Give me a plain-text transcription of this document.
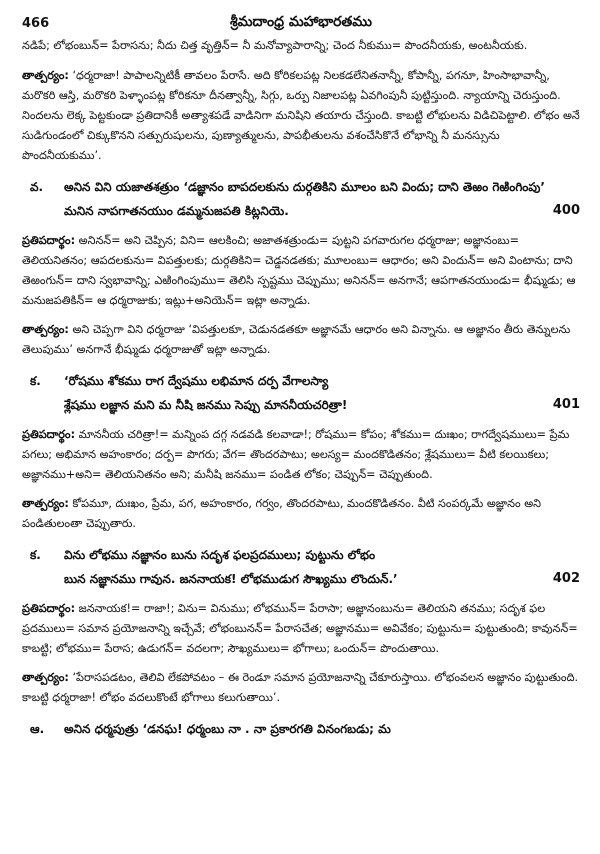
466	శ్రీమదాంధ్ర మహాభారతము

నడిపే; లోభంబున్‌= పేరాసను; నీదు చిత్త వృత్తిన్‌= నీ మనోవ్యాపారాన్ని; చెంద నీకుము= పొందనీయకు, అంటనీయకు.

తాత్పర్యం: ‘ధర్మరాజా! పాపాలన్నిటికీ తావలం పేరాసే. అది కోరికలపట్ల నిలకడలేనితనాన్నీ, కోపాన్నీ, పగనూ, హింసాభావాన్నీ, మరొకరి ఆస్తి, మరొకరి పెళ్ళాంపట్ల కోరికనూ దీనత్వాన్నీ, సిగ్గు, ఒర్పు నిజాలపట్ల ఏవగింపునీ పుట్టిస్తుంది. న్యాయాన్ని చెరుస్తుంది. నిందలను లెక్క పెట్టకుండా ప్రతిదానికీ అత్యాశపడే వాడినిగా మనిషిని తయారు చేస్తుంది. కాబట్టి లోభులను విడిచిపెట్టాలి. లోభం అనే సుడిగుండంలో చిక్కుకొనని సత్పురుషులను, పుణ్యాత్ములను, పాపభీతులను వశంచేసికొనే లోభాన్ని నీ మనస్సును పొందనీయకుము’.
వ. అనిన విని యజాతశత్రుం ‘డజ్ఞానం బాపదలకును దుర్గతికిని మూలం బని విందు; దాని తెఱం గెఱింగింపు’
మనిన నాపగాతనయుం డమ్మనుజపతి కిట్లనియె.	400
ప్రతిపదార్థం: అనినన్‌= అని చెప్పిన; విని= ఆలకించి; అజాతశత్రుండు= పుట్టని పగవారుగల ధర్మరాజు; అజ్ఞానంబు= తెలియనితనం; ఆపదలకును= విపత్తులకు; దుర్గతికిని= చెడ్డనడతకు; మూలంబు= ఆధారం; అని విందున్‌= అని వింటాను; దాని తెఱంగున్‌= దాని స్వభావాన్ని; ఎఱింగింపుము= తెలిసి స్పష్టము చెప్పుము; అనినన్‌= అనగానే; ఆపగాతనయుండు= భీష్ముడు; ఆ మనుజపతికిన్‌= ఆ ధర్మరాజుకు; ఇట్లు+అనియెన్‌= ఇట్లా అన్నాడు.
తాత్పర్యం: అని చెప్పగా విని ధర్మరాజు ‘విపత్తులకూ, చెడునడతకూ అజ్ఞానమే ఆధారం అని విన్నాను. ఆ అజ్ఞానం తీరు తెన్నులను తెలుపుము’ అనగానే భీష్ముడు ధర్మరాజుతో ఇట్లా అన్నాడు.
క. ‘రోషము శోకము రాగ ద్వేషము లభిమాన దర్ప వేగాలస్యా
శ్లేషము లజ్ఞాన మని మ నీషి జనము సెప్పు మాననీయచరిత్రా!	401
ప్రతిపదార్థం: మాననీయ చరిత్రా!= మన్నింప దగ్గ నడవడి కలవాడా!; రోషము= కోపం; శోకము= దుఃఖం; రాగద్వేషములు= ప్రేమ పగలు; అభిమాన అహంకారం; దర్ప= పొగరు; వేగ= తొందరపాటు; అలస్య= మందకొడితనం; శ్లేషములు= వీటి కలయికలు; అజ్ఞానము+అని= తెలియనితనం అని; మనీషి జనము= పండిత లోకం; చెప్పున్‌= చెప్పుతుంది.
తాత్పర్యం: కోపమూ, దుఃఖం, ప్రేమ, పగ, అహంకారం, గర్వం, తొందరపాటు, మందకొడితనం. వీటి సంపర్కమే అజ్ఞానం అని పండితులంతా చెప్పుతారు.
క. విను లోభము నజ్ఞానం బును సదృశ ఫలప్రదములు; పుట్టును లోభం
బున నజ్ఞానము గావున. జననాయక! లోభముడుగ సౌఖ్యము లొందున్‌.’	402
ప్రతిపదార్థం: జననాయక!= రాజా!; విను= వినుము; లోభమున్‌= పేరాసా; అజ్ఞానంబును= తెలియని తనము; సదృశ ఫల ప్రదములు= సమాన ప్రయోజనాన్ని ఇచ్చేవే; లోభంబునన్‌= పేరాసచేత; అజ్ఞానము= అవివేకం; పుట్టును= పుట్టుతుంది; కావునన్‌= కాబట్టి; లోభము= పేరాస; ఉడుగన్‌= వదలగా; సౌఖ్యములు= భోగాలు; ఒందున్‌= పొందుతాయి.
తాత్పర్యం: ‘పేరాసపడటం, తెలివి లేకపోవటం – ఈ రెండూ సమాన ప్రయోజనాన్ని చేకూరుస్తాయి. లోభంవలన అజ్ఞానం పుట్టుతుంది. కాబట్టి ధర్మరాజా! లోభం వదలుకొంటే భోగాలు కలుగుతాయి’.
ఆ. అనిన ధర్మపుత్రు ‘డనఘ! ధర్మంబు నా . నా ప్రకారగతి వినంగబడు; మ
